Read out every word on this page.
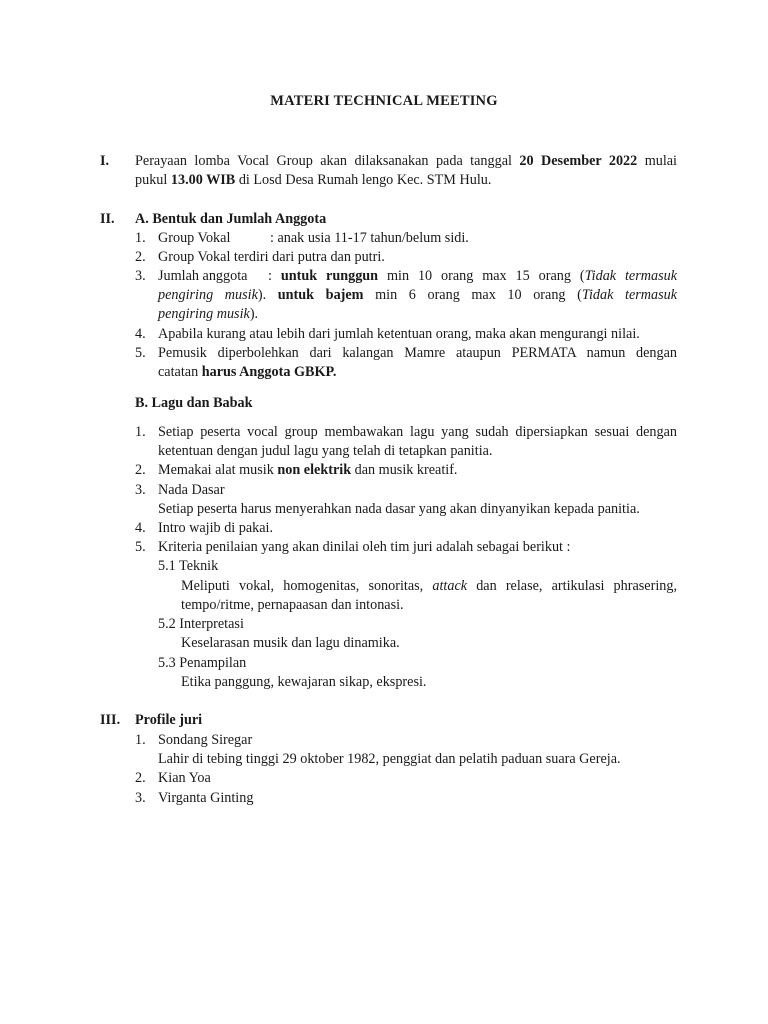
MATERI TECHNICAL MEETING
I. Perayaan lomba Vocal Group akan dilaksanakan pada tanggal 20 Desember 2022 mulai
pukul 13.00 WIB di Losd Desa Rumah lengo Kec. STM Hulu.
II. A. Bentuk dan Jumlah Anggota
1. Group Vokal	: anak usia 11-17 tahun/belum sidi.
2. Group Vokal terdiri dari putra dan putri.
3. Jumlah anggota : untuk runggun min 10 orang max 15 orang (Tidak termasuk
pengiring musik). untuk bajem min 6 orang max 10 orang (Tidak termasuk
pengiring musik).
4. Apabila kurang atau lebih dari jumlah ketentuan orang, maka akan mengurangi nilai.
5. Pemusik diperbolehkan dari kalangan Mamre ataupun PERMATA namun dengan
catatan harus Anggota GBKP.
B. Lagu dan Babak
1. Setiap peserta vocal group membawakan lagu yang sudah dipersiapkan sesuai dengan
ketentuan dengan judul lagu yang telah di tetapkan panitia.
2. Memakai alat musik non elektrik dan musik kreatif.
3. Nada Dasar
Setiap peserta harus menyerahkan nada dasar yang akan dinyanyikan kepada panitia.
4. Intro wajib di pakai.
5. Kriteria penilaian yang akan dinilai oleh tim juri adalah sebagai berikut :
5.1 Teknik
Meliputi vokal, homogenitas, sonoritas, attack dan relase, artikulasi phrasering,
tempo/ritme, pernapaasan dan intonasi.
5.2 Interpretasi
Keselarasan musik dan lagu dinamika.
5.3 Penampilan
Etika panggung, kewajaran sikap, ekspresi.
III. Profile juri
1. Sondang Siregar
Lahir di tebing tinggi 29 oktober 1982, penggiat dan pelatih paduan suara Gereja.
2. Kian Yoa
3. Virganta Ginting
